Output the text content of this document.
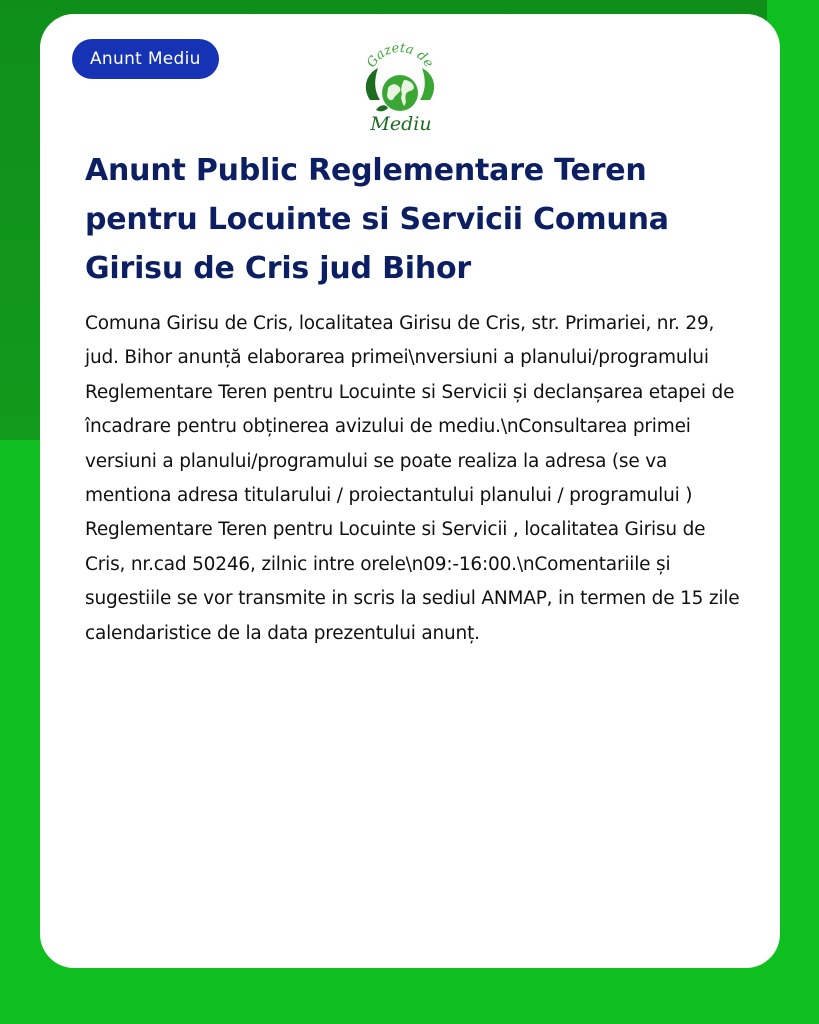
Anunt Mediu	Gazeta de
Mediu
Anunt Public Reglementare Teren pentru Locuinte si Servicii Comuna Girisu de Cris jud Bihor

Comuna Girisu de Cris, localitatea Girisu de Cris, str. Primariei, nr. 29, jud. Bihor anunță elaborarea primei\nversiuni a planului/programului Reglementare Teren pentru Locuinte si Servicii și declanșarea etapei de încadrare pentru obținerea avizului de mediu.\nConsultarea primei versiuni a planului/programului se poate realiza la adresa (se va mentiona adresa titularului / proiectantului planului / programului ) Reglementare Teren pentru Locuinte si Servicii , localitatea Girisu de Cris, nr.cad 50246, zilnic intre orele\n09:-16:00.\nComentariile și sugestiile se vor transmite in scris la sediul ANMAP, in termen de 15 zile calendaristice de la data prezentului anunț.
